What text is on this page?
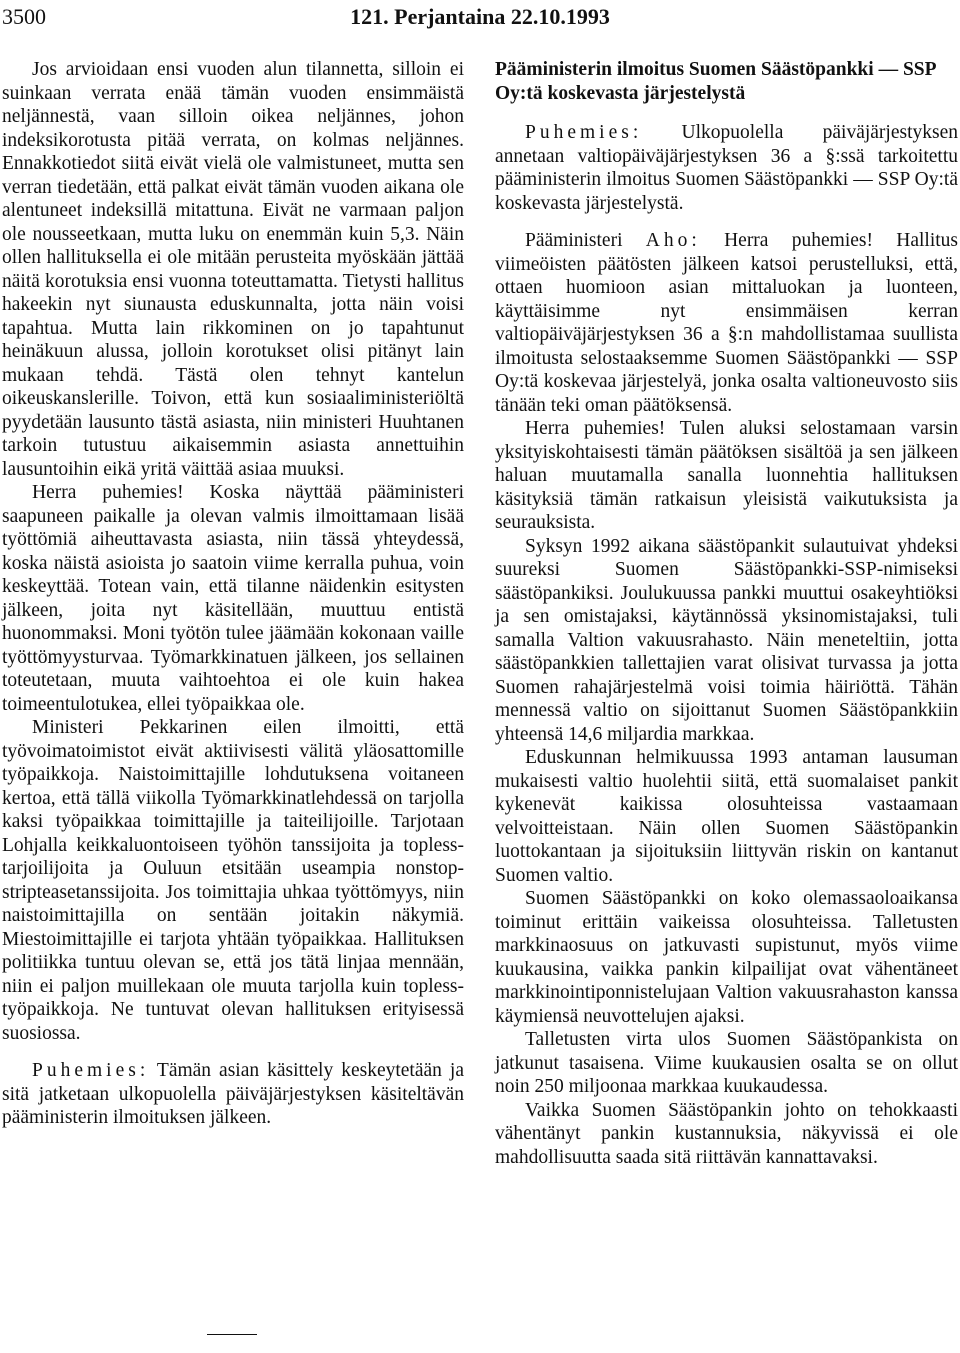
3500	121. Perjantaina 22.10.1993

Jos arvioidaan ensi vuoden alun tilannetta, silloin ei suinkaan verrata enää tämän vuoden ensimmäistä neljännestä, vaan silloin oikea neljännes, johon indeksikorotusta pitää verrata, on kolmas neljännes. Ennakkotiedot siitä eivät vielä ole valmistuneet, mutta sen verran tiedetään, että palkat eivät tämän vuoden aikana ole alentuneet indeksillä mitattuna. Eivät ne varmaan paljon ole nousseetkaan, mutta luku on enemmän kuin 5,3. Näin ollen hallituksella ei ole mitään perusteita myöskään jättää näitä korotuksia ensi vuonna toteuttamatta. Tietysti hallitus hakeekin nyt siunausta eduskunnalta, jotta näin voisi tapahtua. Mutta lain rikkominen on jo tapahtunut heinäkuun alussa, jolloin korotukset olisi pitänyt lain mukaan tehdä. Tästä olen tehnyt kantelun oikeuskanslerille. Toivon, että kun sosiaaliministeriöltä pyydetään lausunto tästä asiasta, niin ministeri Huuhtanen tarkoin tutustuu aikaisemmin asiasta annettuihin lausuntoihin eikä yritä väittää asiaa muuksi.

Herra puhemies! Koska näyttää pääministeri saapuneen paikalle ja olevan valmis ilmoittamaan lisää työttömiä aiheuttavasta asiasta, niin tässä yhteydessä, koska näistä asioista jo saatoin viime kerralla puhua, voin keskeyttää. Totean vain, että tilanne näidenkin esitysten jälkeen, joita nyt käsitellään, muuttuu entistä huonommaksi. Moni työtön tulee jäämään kokonaan vaille työttömyysturvaa. Työmarkkinatuen jälkeen, jos sellainen toteutetaan, muuta vaihtoehtoa ei ole kuin hakea toimeentulotukea, ellei työpaikkaa ole.

Ministeri Pekkarinen eilen ilmoitti, että työvoimatoimistot eivät aktiivisesti välitä yläosattomille työpaikkoja. Naistoimittajille lohdutuksena voitaneen kertoa, että tällä viikolla Työmarkkinatlehdessä on tarjolla kaksi työpaikkaa toimittajille ja taiteilijoille. Tarjotaan Lohjalla keikkaluontoiseen työhön tanssijoita ja topless-tarjoilijoita ja Ouluun etsitään useampia nonstop-stripteasetanssijoita. Jos toimittajia uhkaa työttömyys, niin naistoimittajilla on sentään joitakin näkymiä. Miestoimittajille ei tarjota yhtään työpaikkaa. Hallituksen politiikka tuntuu olevan se, että jos tätä linjaa mennään, niin ei paljon muillekaan ole muuta tarjolla kuin topless-työpaikkoja. Ne tuntuvat olevan hallituksen erityisessä suosiossa.

Puhemies: Tämän asian käsittely keskeytetään ja sitä jatketaan ulkopuolella päiväjärjestyksen käsiteltävän pääministerin ilmoituksen jälkeen.

Pääministerin ilmoitus Suomen Säästöpankki — SSP Oy:tä koskevasta järjestelystä

Puhemies: Ulkopuolella päiväjärjestyksen annetaan valtiopäiväjärjestyksen 36 a §:ssä tarkoitettu pääministerin ilmoitus Suomen Säästöpankki — SSP Oy:tä koskevasta järjestelystä.

Pääministeri Aho: Herra puhemies! Hallitus viimeöisten päätösten jälkeen katsoi perustelluksi, että, ottaen huomioon asian mittaluokan ja luonteen, käyttäisimme nyt ensimmäisen kerran valtiopäiväjärjestyksen 36 a §:n mahdollistamaa suullista ilmoitusta selostaaksemme Suomen Säästöpankki — SSP Oy:tä koskevaa järjestelyä, jonka osalta valtioneuvosto siis tänään teki oman päätöksensä.

Herra puhemies! Tulen aluksi selostamaan varsin yksityiskohtaisesti tämän päätöksen sisältöä ja sen jälkeen haluan muutamalla sanalla luonnehtia hallituksen käsityksiä tämän ratkaisun yleisistä vaikutuksista ja seurauksista.

Syksyn 1992 aikana säästöpankit sulautuivat yhdeksi suureksi Suomen Säästöpankki-SSP-nimiseksi säästöpankiksi. Joulukuussa pankki muuttui osakeyhtiöksi ja sen omistajaksi, käytännössä yksinomistajaksi, tuli samalla Valtion vakuusrahasto. Näin meneteltiin, jotta säästöpankkien tallettajien varat olisivat turvassa ja jotta Suomen rahajärjestelmä voisi toimia häiriöttä. Tähän mennessä valtio on sijoittanut Suomen Säästöpankkiin yhteensä 14,6 miljardia markkaa.

Eduskunnan helmikuussa 1993 antaman lausuman mukaisesti valtio huolehtii siitä, että suomalaiset pankit kykenevät kaikissa olosuhteissa vastaamaan velvoitteistaan. Näin ollen Suomen Säästöpankin luottokantaan ja sijoituksiin liittyvän riskin on kantanut Suomen valtio.

Suomen Säästöpankki on koko olemassaoloaikansa toiminut erittäin vaikeissa olosuhteissa. Talletusten markkinaosuus on jatkuvasti supistunut, myös viime kuukausina, vaikka pankin kilpailijat ovat vähentäneet markkinointiponnistelujaan Valtion vakuusrahaston kanssa käymiensä neuvottelujen ajaksi.

Talletusten virta ulos Suomen Säästöpankista on jatkunut tasaisena. Viime kuukausien osalta se on ollut noin 250 miljoonaa markkaa kuukaudessa.

Vaikka Suomen Säästöpankin johto on tehokkaasti vähentänyt pankin kustannuksia, näkyvissä ei ole mahdollisuutta saada sitä riittävän kannattavaksi.
